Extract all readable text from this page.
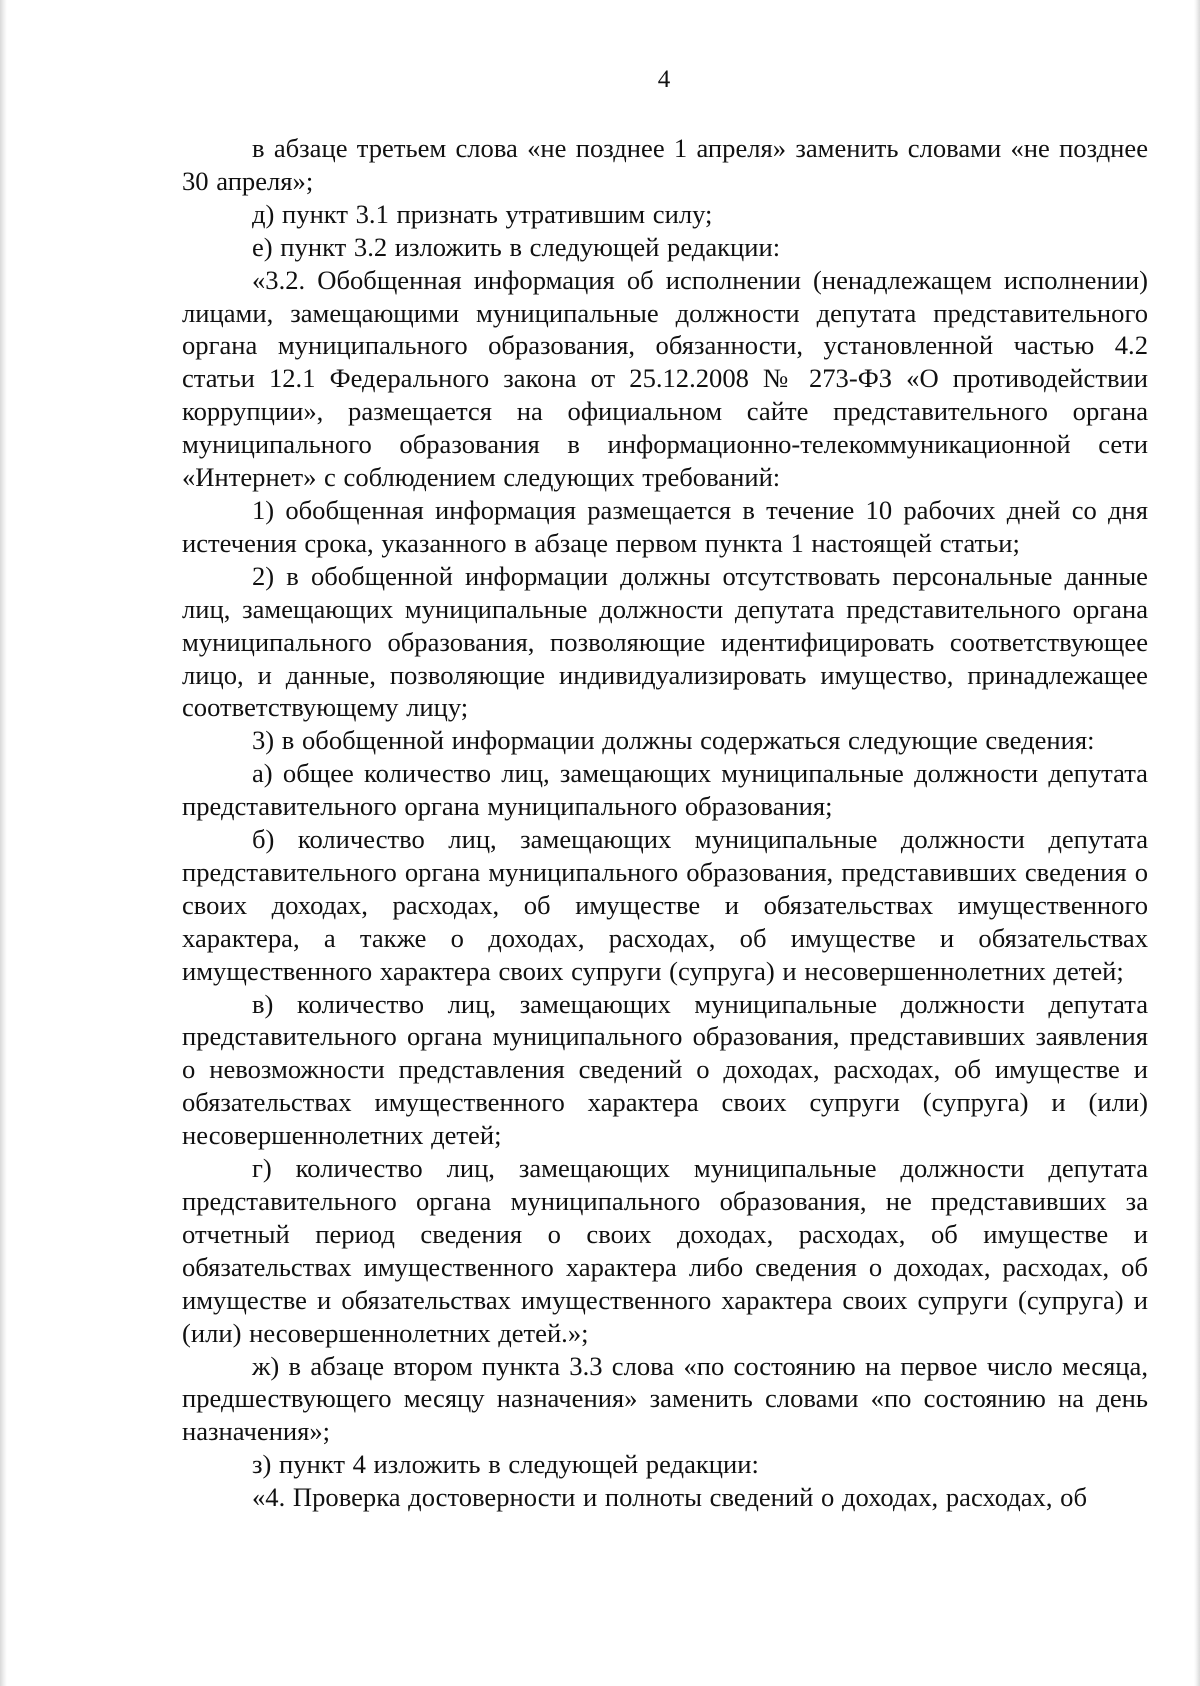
4

в абзаце третьем слова «не позднее 1 апреля» заменить словами «не позднее 30 апреля»;

д) пункт 3.1 признать утратившим силу;

е) пункт 3.2 изложить в следующей редакции:

«3.2. Обобщенная информация об исполнении (ненадлежащем исполнении) лицами, замещающими муниципальные должности депутата представительного органа муниципального образования, обязанности, установленной частью 4.2 статьи 12.1 Федерального закона от 25.12.2008 № 273-ФЗ «О противодействии коррупции», размещается на официальном сайте представительного органа муниципального образования в информационно-телекоммуникационной сети «Интернет» с соблюдением следующих требований:

1) обобщенная информация размещается в течение 10 рабочих дней со дня истечения срока, указанного в абзаце первом пункта 1 настоящей статьи;

2) в обобщенной информации должны отсутствовать персональные данные лиц, замещающих муниципальные должности депутата представительного органа муниципального образования, позволяющие идентифицировать соответствующее лицо, и данные, позволяющие индивидуализировать имущество, принадлежащее соответствующему лицу;

3) в обобщенной информации должны содержаться следующие сведения:

а) общее количество лиц, замещающих муниципальные должности депутата представительного органа муниципального образования;

б) количество лиц, замещающих муниципальные должности депутата представительного органа муниципального образования, представивших сведения о своих доходах, расходах, об имуществе и обязательствах имущественного характера, а также о доходах, расходах, об имуществе и обязательствах имущественного характера своих супруги (супруга) и несовершеннолетних детей;

в) количество лиц, замещающих муниципальные должности депутата представительного органа муниципального образования, представивших заявления о невозможности представления сведений о доходах, расходах, об имуществе и обязательствах имущественного характера своих супруги (супруга) и (или) несовершеннолетних детей;

г) количество лиц, замещающих муниципальные должности депутата представительного органа муниципального образования, не представивших за отчетный период сведения о своих доходах, расходах, об имуществе и обязательствах имущественного характера либо сведения о доходах, расходах, об имуществе и обязательствах имущественного характера своих супруги (супруга) и (или) несовершеннолетних детей.»;

ж) в абзаце втором пункта 3.3 слова «по состоянию на первое число месяца, предшествующего месяцу назначения» заменить словами «по состоянию на день назначения»;

з) пункт 4 изложить в следующей редакции:

«4. Проверка достоверности и полноты сведений о доходах, расходах, об
